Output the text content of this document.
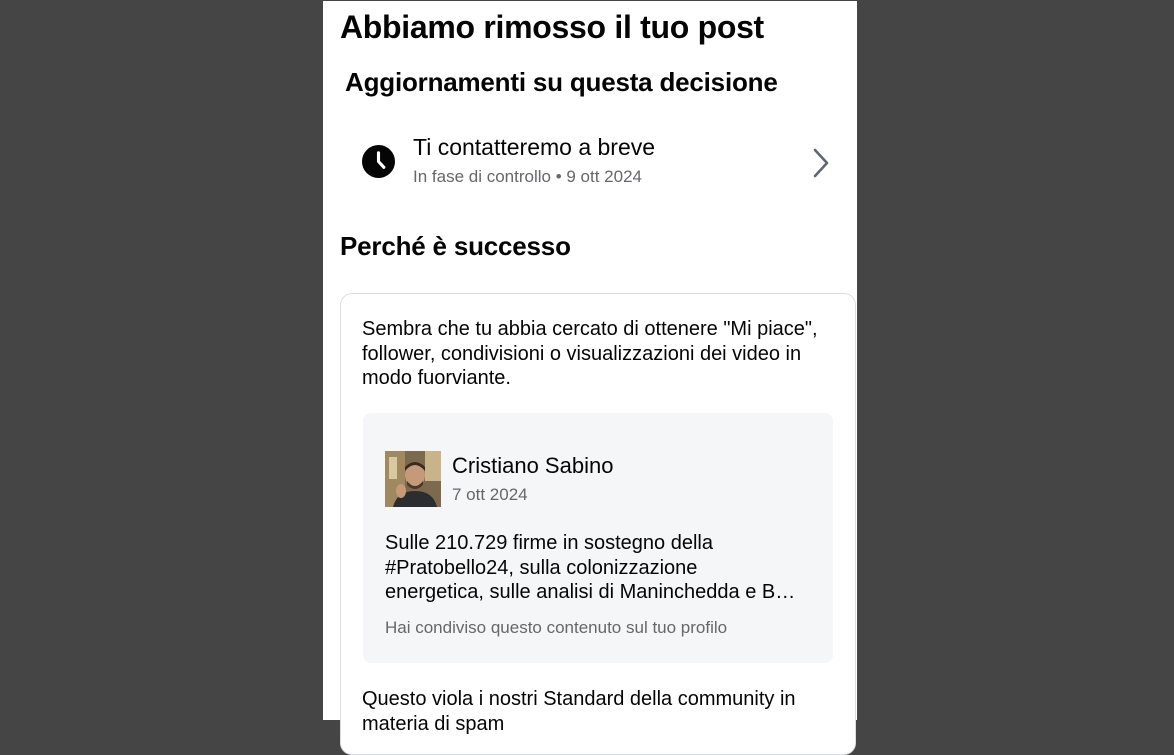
Abbiamo rimosso il tuo post
Aggiornamenti su questa decisione
Ti contatteremo a breve
In fase di controllo • 9 ott 2024
Perché è successo

Sembra che tu abbia cercato di ottenere "Mi piace", follower, condivisioni o visualizzazioni dei video in modo fuorviante.

Cristiano Sabino
7 ott 2024

Sulle 210.729 firme in sostegno della
#Pratobello24, sulla colonizzazione
energetica, sulle analisi di Maninchedda e B…

Hai condiviso questo contenuto sul tuo profilo

Questo viola i nostri Standard della community in materia di spam
